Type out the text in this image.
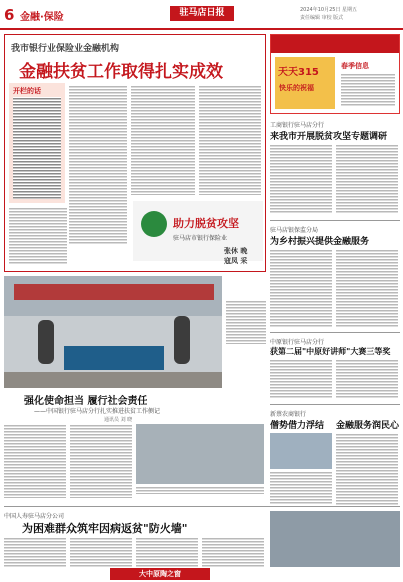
6 金融·保险	驻马店日报	2024年10月25日 星期五
责任编辑 审校 版式
我市银行业保险业金融机构
金融扶贫工作取得扎实成效
开栏的话
助力脱贫攻坚
驻马店市银行保险业
天天315
快乐的祝福
春季信息
工商银行驻马店分行
来我市开展脱贫攻坚专题调研
驻马店银保监分局
为乡村振兴提供金融服务
张休 晚
寇凤 采
强化使命担当 履行社会责任
——中国银行驻马店分行扎实推进扶贫工作侧记
通讯员 刘 晓
中原银行驻马店分行
获第二届"中原好讲师"大赛三等奖
新蔡农商银行
僧势借力浮结	金融服务润民心
中国人寿驻马店分公司
为困难群众筑牢因病返贫"防火墙"
大中原陶之窗
